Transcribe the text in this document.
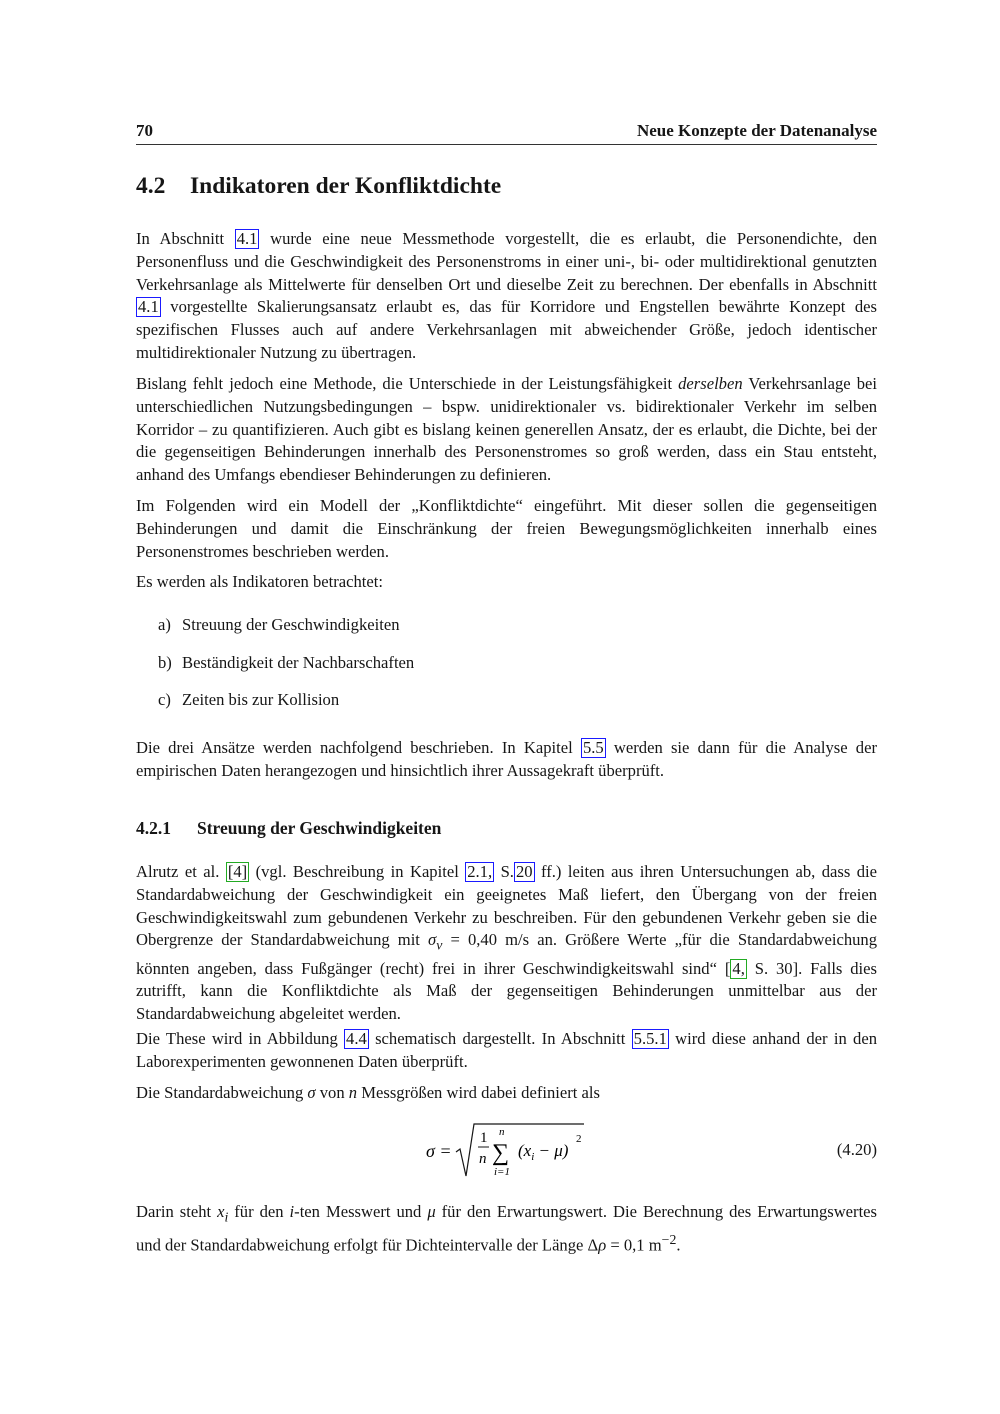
70	Neue Konzepte der Datenanalyse
4.2 Indikatoren der Konfliktdichte

In Abschnitt 4.1 wurde eine neue Messmethode vorgestellt, die es erlaubt, die Personendichte, den Personenfluss und die Geschwindigkeit des Personenstroms in einer uni-, bi- oder multidirektional genutzten Verkehrsanlage als Mittelwerte für denselben Ort und dieselbe Zeit zu berechnen. Der ebenfalls in Abschnitt 4.1 vorgestellte Skalierungsansatz erlaubt es, das für Korridore und Engstellen bewährte Konzept des spezifischen Flusses auch auf andere Verkehrsanlagen mit abweichender Größe, jedoch identischer multidirektionaler Nutzung zu übertragen.

Bislang fehlt jedoch eine Methode, die Unterschiede in der Leistungsfähigkeit derselben Verkehrsanlage bei unterschiedlichen Nutzungsbedingungen – bspw. unidirektionaler vs. bidirektionaler Verkehr im selben Korridor – zu quantifizieren. Auch gibt es bislang keinen generellen Ansatz, der es erlaubt, die Dichte, bei der die gegenseitigen Behinderungen innerhalb des Personenstromes so groß werden, dass ein Stau entsteht, anhand des Umfangs ebendieser Behinderungen zu definieren.

Im Folgenden wird ein Modell der „Konfliktdichte“ eingeführt. Mit dieser sollen die gegenseitigen Behinderungen und damit die Einschränkung der freien Bewegungsmöglichkeiten innerhalb eines Personenstromes beschrieben werden.

Es werden als Indikatoren betrachtet:

a) Streuung der Geschwindigkeiten
b) Beständigkeit der Nachbarschaften
c) Zeiten bis zur Kollision

Die drei Ansätze werden nachfolgend beschrieben. In Kapitel 5.5 werden sie dann für die Analyse der empirischen Daten herangezogen und hinsichtlich ihrer Aussagekraft überprüft.

4.2.1 Streuung der Geschwindigkeiten

Alrutz et al. [4] (vgl. Beschreibung in Kapitel 2.1, S. 20 ff.) leiten aus ihren Untersuchungen ab, dass die Standardabweichung der Geschwindigkeit ein geeignetes Maß liefert, den Übergang von der freien Geschwindigkeitswahl zum gebundenen Verkehr zu beschreiben. Für den gebundenen Verkehr geben sie die Obergrenze der Standardabweichung mit $\sigma_v = 0,40$ m/s an. Größere Werte „für die Standardabweichung könnten angeben, dass Fußgänger (recht) frei in ihrer Geschwindigkeitswahl sind“ [ 4, S. 30]. Falls dies zutrifft, kann die Konfliktdichte als Maß der gegenseitigen Behinderungen unmittelbar aus der Standardabweichung abgeleitet werden.

Die These wird in Abbildung 4.4 schematisch dargestellt. In Abschnitt 5.5.1 wird diese anhand der in den Laborexperimenten gewonnenen Daten überprüft.

Die Standardabweichung σ von n Messgrößen wird dabei definiert als

σ =
1
n
n
∑
i=1
$(x_i - \mu)$
2
(4.20)

Darin steht $x_i$ für den i-ten Messwert und μ für den Erwartungswert. Die Berechnung des Erwartungswertes und der Standardabweichung erfolgt für Dichteintervalle der Länge Δρ = 0,1 $m^{-2}$.
